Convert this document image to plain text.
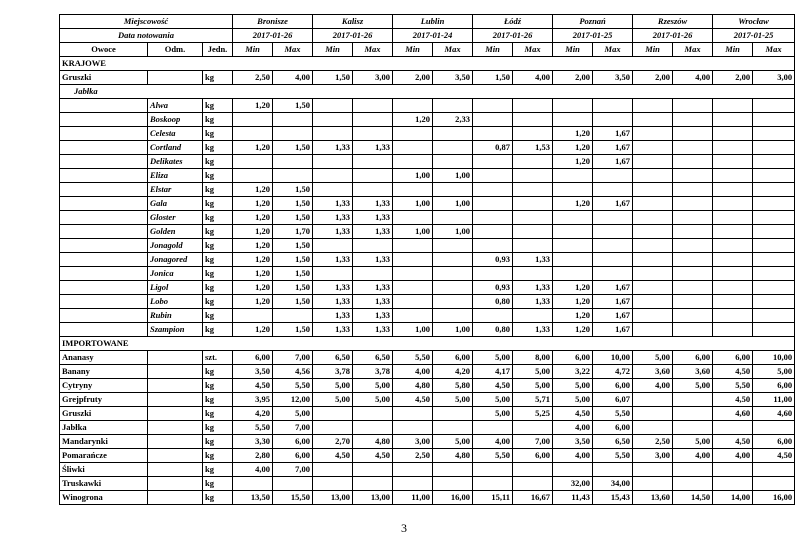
Miejscowość			Bronisze		Kalisz		Lublin		Łódź		Poznań		Rzeszów		Wrocław	
Data notowania			2017-01-26		2017-01-26		2017-01-24		2017-01-26		2017-01-25		2017-01-26		2017-01-25	
Owoce	Odm.	Jedn.	Min	Max	Min	Max	Min	Max	Min	Max	Min	Max	Min	Max	Min	Max
KRAJOWE																
Gruszki		kg	2,50	4,00	1,50	3,00	2,00	3,50	1,50	4,00	2,00	3,50	2,00	4,00	2,00	3,00
Jabłka																
	Alwa	kg	1,20	1,50												
	Boskoop	kg					1,20	2,33								
	Celesta	kg									1,20	1,67				
	Cortland	kg	1,20	1,50	1,33	1,33			0,87	1,53	1,20	1,67				
	Delikates	kg									1,20	1,67				
	Eliza	kg					1,00	1,00								
	Elstar	kg	1,20	1,50												
	Gala	kg	1,20	1,50	1,33	1,33	1,00	1,00			1,20	1,67				
	Gloster	kg	1,20	1,50	1,33	1,33										
	Golden	kg	1,20	1,70	1,33	1,33	1,00	1,00								
	Jonagold	kg	1,20	1,50												
	Jonagored	kg	1,20	1,50	1,33	1,33			0,93	1,33						
	Jonica	kg	1,20	1,50												
	Ligol	kg	1,20	1,50	1,33	1,33			0,93	1,33	1,20	1,67				
	Lobo	kg	1,20	1,50	1,33	1,33			0,80	1,33	1,20	1,67				
	Rubin	kg			1,33	1,33					1,20	1,67				
	Szampion	kg	1,20	1,50	1,33	1,33	1,00	1,00	0,80	1,33	1,20	1,67				
IMPORTOWANE																
Ananasy		szt.	6,00	7,00	6,50	6,50	5,50	6,00	5,00	8,00	6,00	10,00	5,00	6,00	6,00	10,00
Banany		kg	3,50	4,56	3,78	3,78	4,00	4,20	4,17	5,00	3,22	4,72	3,60	3,60	4,50	5,00
Cytryny		kg	4,50	5,50	5,00	5,00	4,80	5,80	4,50	5,00	5,00	6,00	4,00	5,00	5,50	6,00
Grejpfruty		kg	3,95	12,00	5,00	5,00	4,50	5,00	5,00	5,71	5,00	6,07			4,50	11,00
Gruszki		kg	4,20	5,00					5,00	5,25	4,50	5,50			4,60	4,60
Jabłka		kg	5,50	7,00							4,00	6,00				
Mandarynki		kg	3,30	6,00	2,70	4,80	3,00	5,00	4,00	7,00	3,50	6,50	2,50	5,00	4,50	6,00
Pomarańcze		kg	2,80	6,00	4,50	4,50	2,50	4,80	5,50	6,00	4,00	5,50	3,00	4,00	4,00	4,50
Śliwki		kg	4,00	7,00												
Truskawki		kg									32,00	34,00				
Winogrona		kg	13,50	15,50	13,00	13,00	11,00	16,00	15,11	16,67	11,43	15,43	13,60	14,50	14,00	16,00
3
